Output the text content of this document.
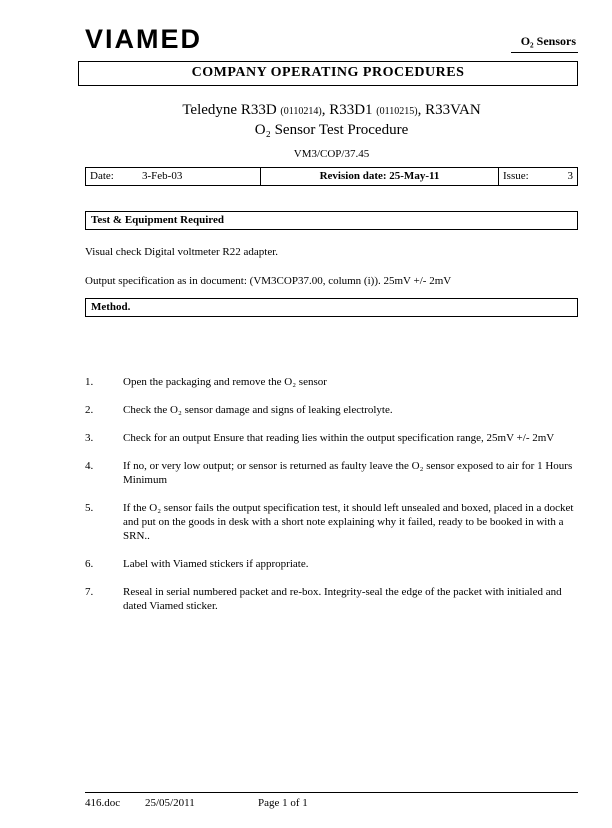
VIAMED	O₂ Sensors
COMPANY OPERATING PROCEDURES
Teledyne R33D (0110214), R33D1 (0110215), R33VAN
O₂ Sensor Test Procedure
VM3/COP/37.45
Date:	3-Feb-03	Revision date: 25-May-11	Issue:	3
Test & Equipment Required
Visual check Digital voltmeter R22 adapter.
Output specification as in document: (VM3COP37.00, column (i)). 25mV +/- 2mV
Method.
1.	Open the packaging and remove the O₂ sensor
2.	Check the O₂ sensor damage and signs of leaking electrolyte.
3.	Check for an output Ensure that reading lies within the output specification range, 25mV +/- 2mV
4.	If no, or very low output; or sensor is returned as faulty leave the O₂ sensor exposed to air for 1 Hours Minimum
5.	If the O₂ sensor fails the output specification test, it should left unsealed and boxed, placed in a docket and put on the goods in desk with a short note explaining why it failed, ready to be booked in with a SRN..
6.	Label with Viamed stickers if appropriate.
7.	Reseal in serial numbered packet and re-box. Integrity-seal the edge of the packet with initialed and dated Viamed sticker.
416.doc	25/05/2011	Page 1 of 1
